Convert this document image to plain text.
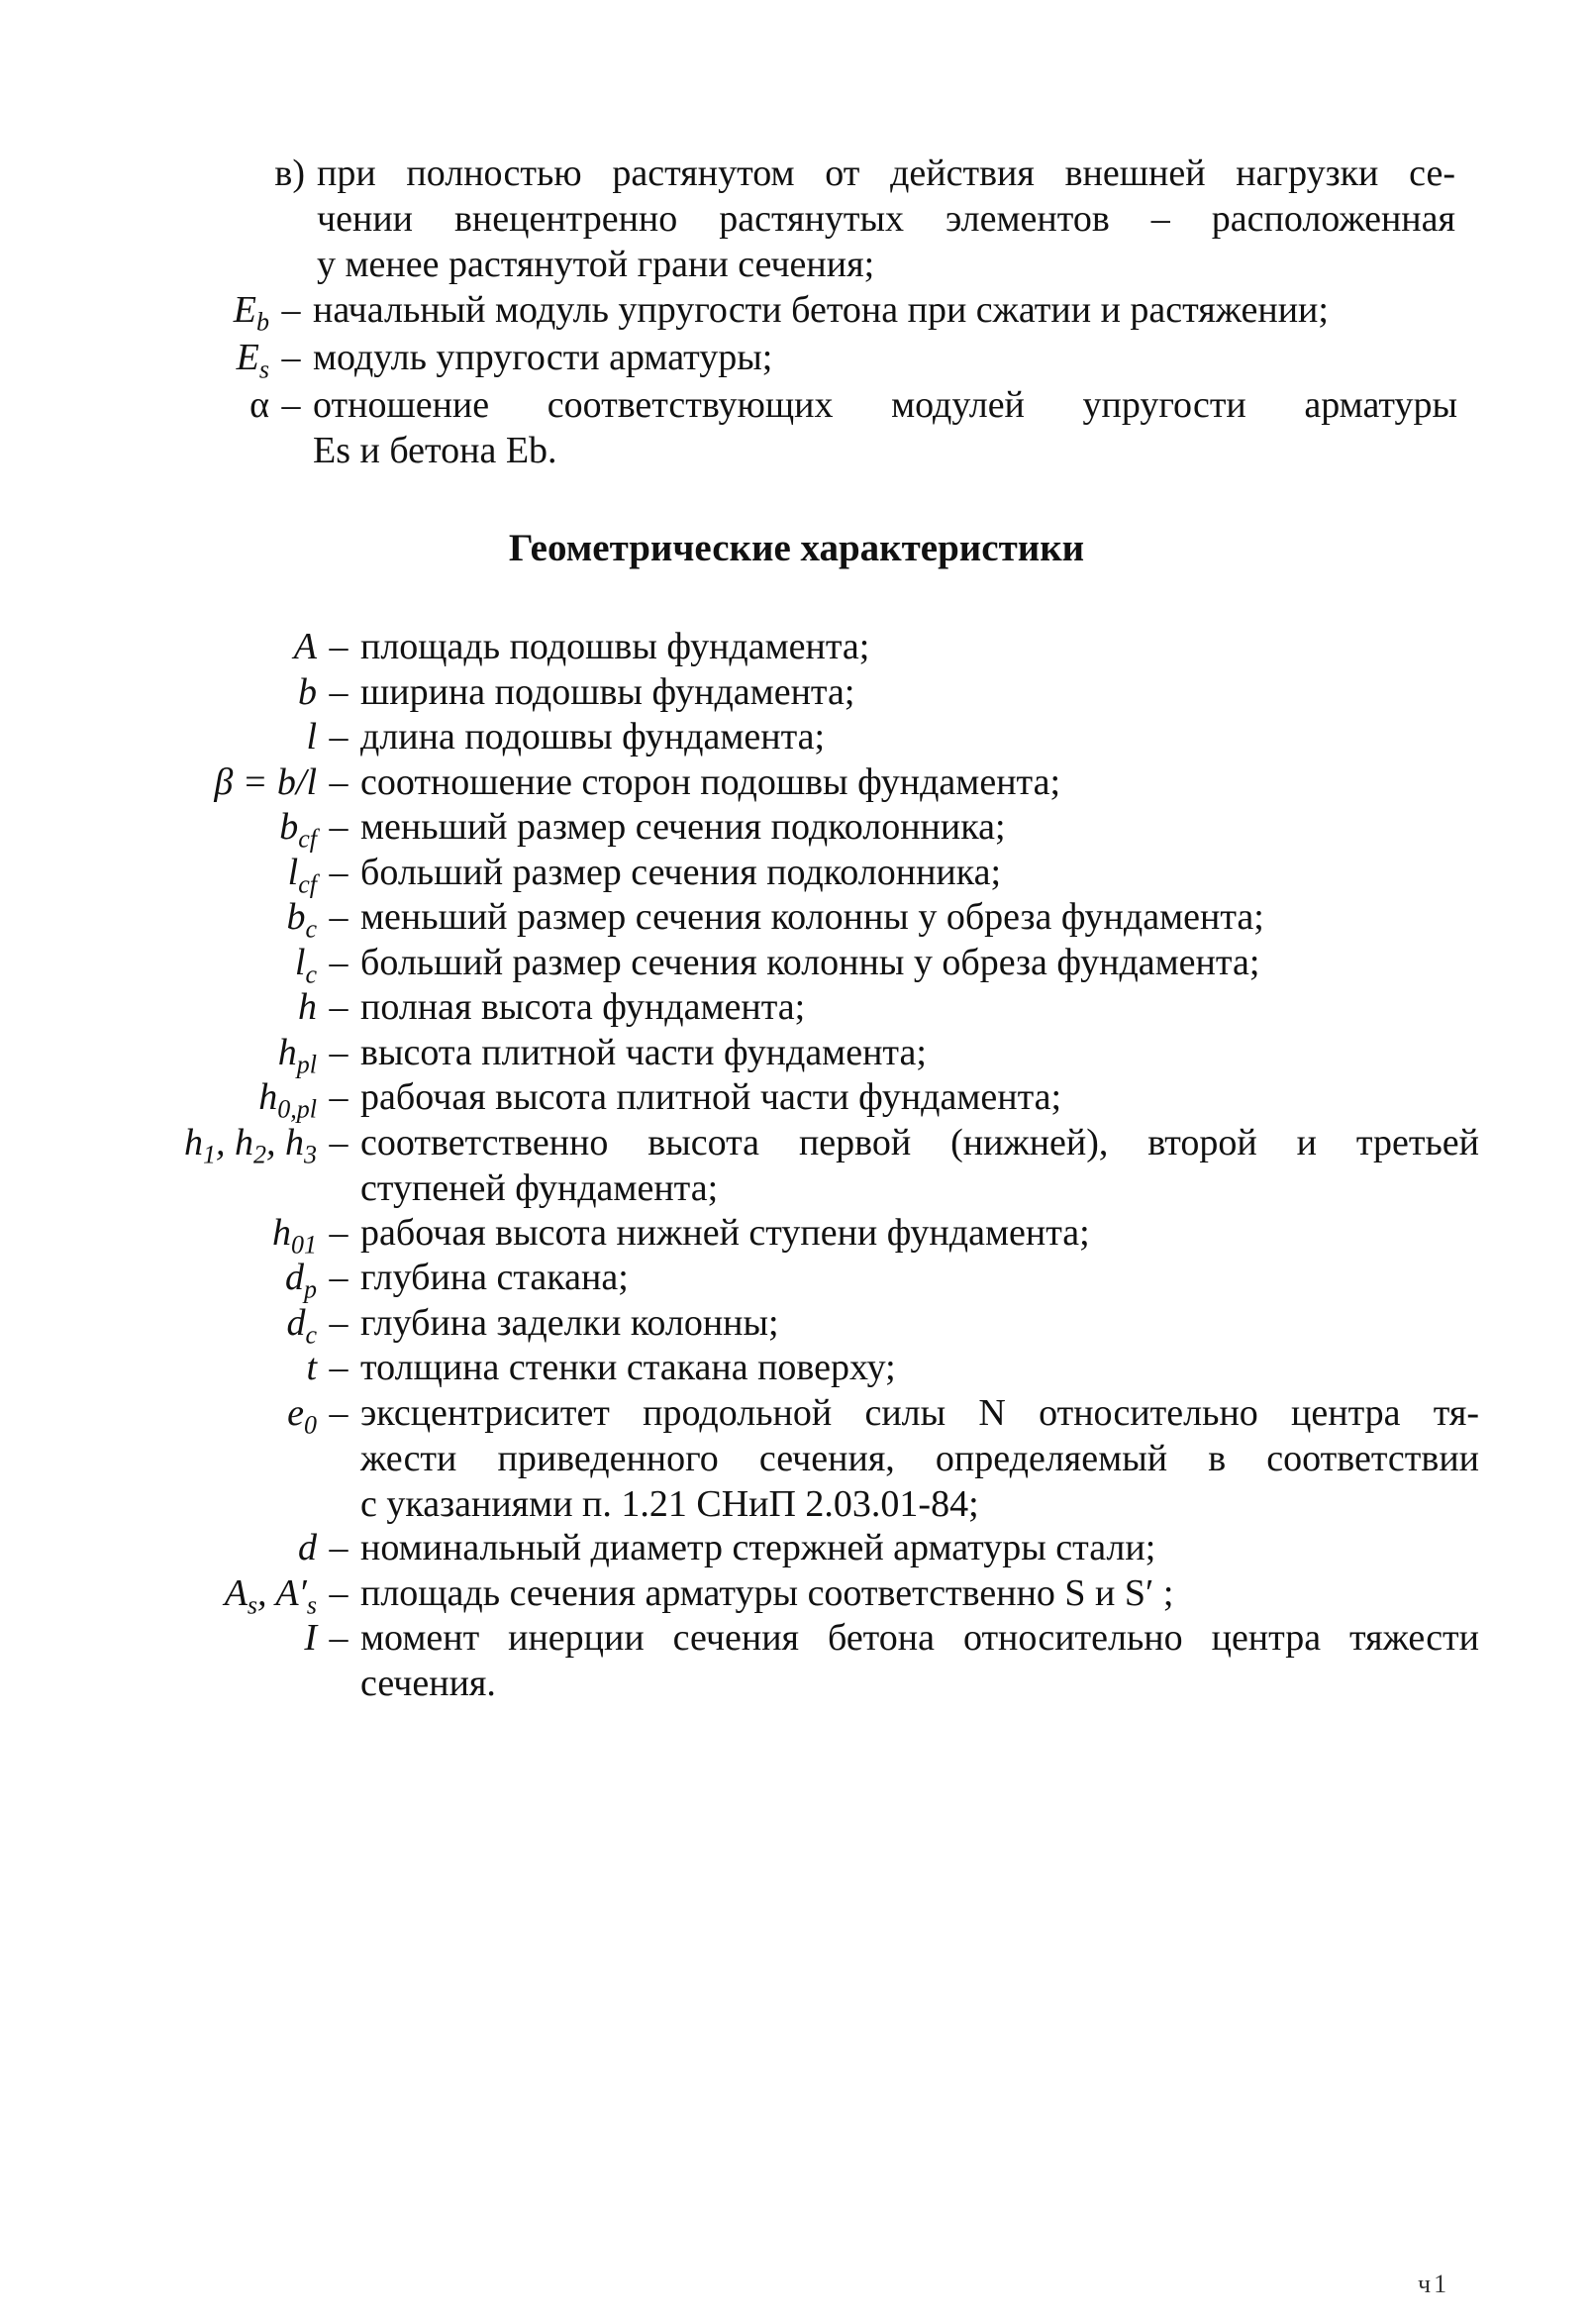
в) при полностью растянутом от действия внешней нагрузки се-
чении внецентренно растянутых элементов – расположенная
у менее растянутой грани сечения;
$E_b$ – начальный модуль упругости бетона при сжатии и растяжении;
$E_s$ – модуль упругости арматуры;
α – отношение соответствующих модулей упругости арматуры
Es и бетона Eb.
Геометрические характеристики
A – площадь подошвы фундамента;
b – ширина подошвы фундамента;
l – длина подошвы фундамента;
β = b/l – соотношение сторон подошвы фундамента;
$b_{cf}$ – меньший размер сечения подколонника;
$l_{cf}$ – больший размер сечения подколонника;
$b_c$ – меньший размер сечения колонны у обреза фундамента;
$l_c$ – больший размер сечения колонны у обреза фундамента;
h – полная высота фундамента;
$h_{pl}$ – высота плитной части фундамента;
$h_{0,pl}$ – рабочая высота плитной части фундамента;
$h_1$, $h_2$, $h_3$ – соответственно высота первой (нижней), второй и третьей
ступеней фундамента;
$h_{01}$ – рабочая высота нижней ступени фундамента;
$d_p$ – глубина стакана;
$d_c$ – глубина заделки колонны;
t – толщина стенки стакана поверху;
$e_0$ – эксцентриситет продольной силы N относительно центра тя-
жести приведенного сечения, определяемый в соответствии
с указаниями п. 1.21 СНиП 2.03.01-84;
d – номинальный диаметр стержней арматуры стали;
$A_s$, $A'_s$ – площадь сечения арматуры соответственно S и S′ ;
I – момент инерции сечения бетона относительно центра тяжести
сечения.
ч1
